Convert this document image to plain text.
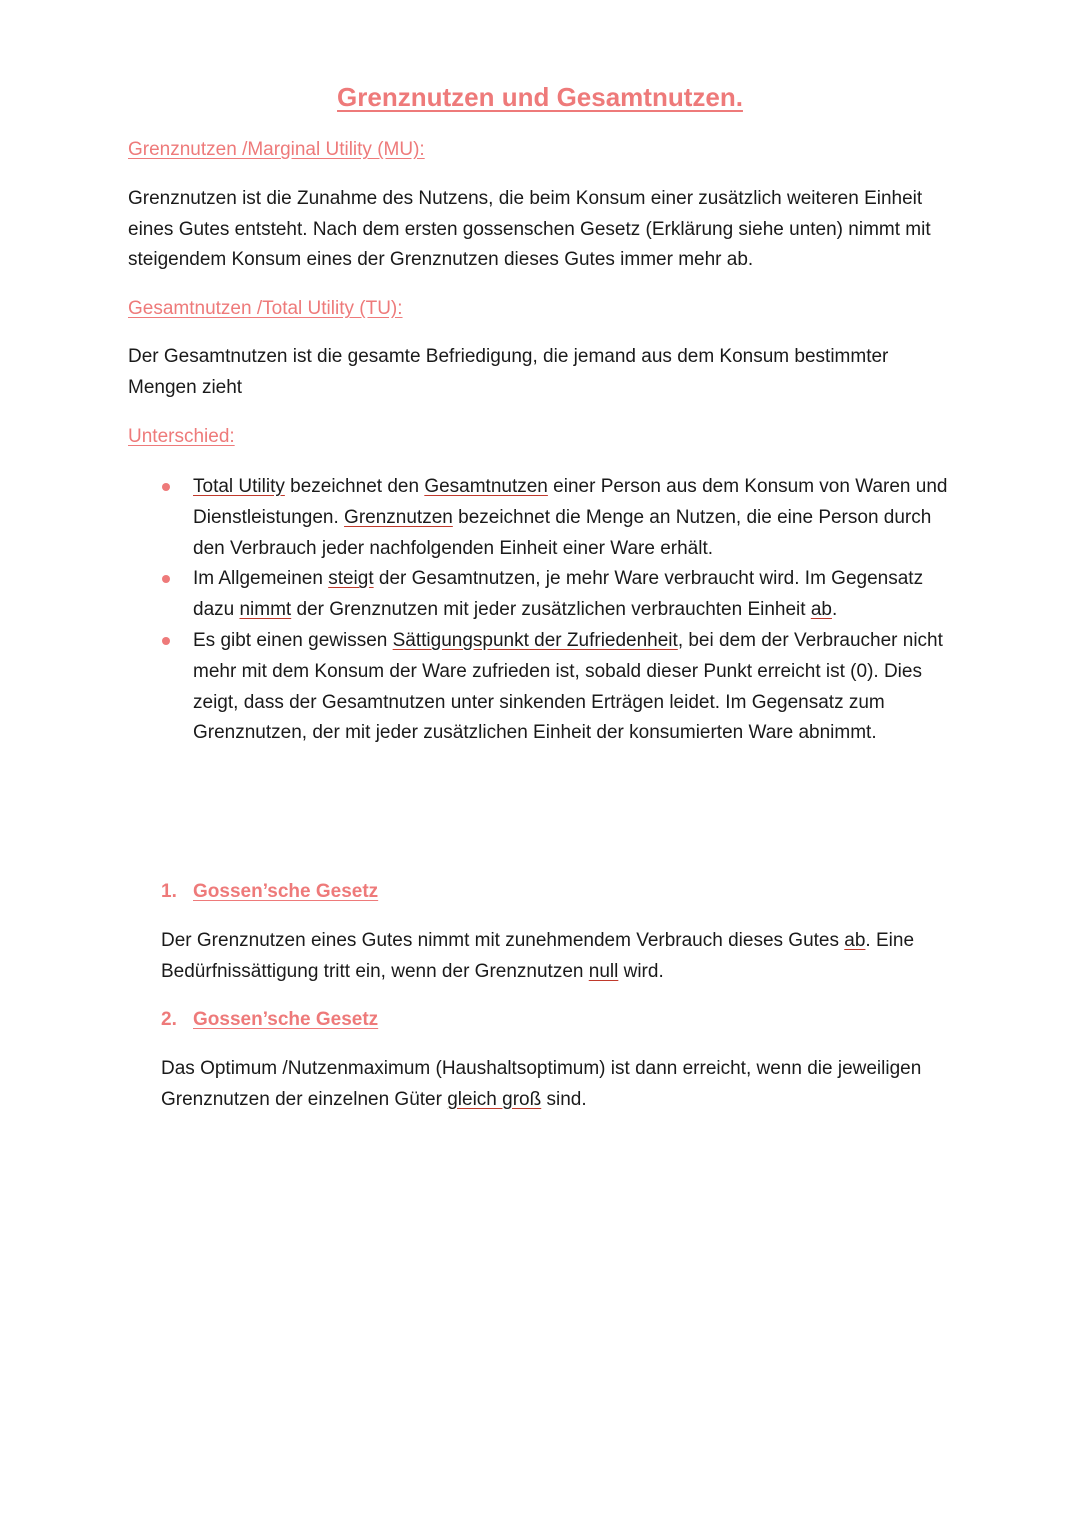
Grenznutzen und Gesamtnutzen.
Grenznutzen /Marginal Utility (MU):

Grenznutzen ist die Zunahme des Nutzens, die beim Konsum einer zusätzlich weiteren Einheit eines Gutes entsteht. Nach dem ersten gossenschen Gesetz (Erklärung siehe unten) nimmt mit steigendem Konsum eines der Grenznutzen dieses Gutes immer mehr ab.

Gesamtnutzen /Total Utility (TU):

Der Gesamtnutzen ist die gesamte Befriedigung, die jemand aus dem Konsum bestimmter Mengen zieht

Unterschied:
Total Utility bezeichnet den Gesamtnutzen einer Person aus dem Konsum von Waren und Dienstleistungen. Grenznutzen bezeichnet die Menge an Nutzen, die eine Person durch den Verbrauch jeder nachfolgenden Einheit einer Ware erhält.
Im Allgemeinen steigt der Gesamtnutzen, je mehr Ware verbraucht wird. Im Gegensatz dazu nimmt der Grenznutzen mit jeder zusätzlichen verbrauchten Einheit ab.
Es gibt einen gewissen Sättigungspunkt der Zufriedenheit, bei dem der Verbraucher nicht mehr mit dem Konsum der Ware zufrieden ist, sobald dieser Punkt erreicht ist (0). Dies zeigt, dass der Gesamtnutzen unter sinkenden Erträgen leidet. Im Gegensatz zum Grenznutzen, der mit jeder zusätzlichen Einheit der konsumierten Ware abnimmt.
1. Gossen’sche Gesetz

Der Grenznutzen eines Gutes nimmt mit zunehmendem Verbrauch dieses Gutes ab. Eine Bedürfnissättigung tritt ein, wenn der Grenznutzen null wird.

2. Gossen’sche Gesetz

Das Optimum /Nutzenmaximum (Haushaltsoptimum) ist dann erreicht, wenn die jeweiligen Grenznutzen der einzelnen Güter gleich groß sind.
